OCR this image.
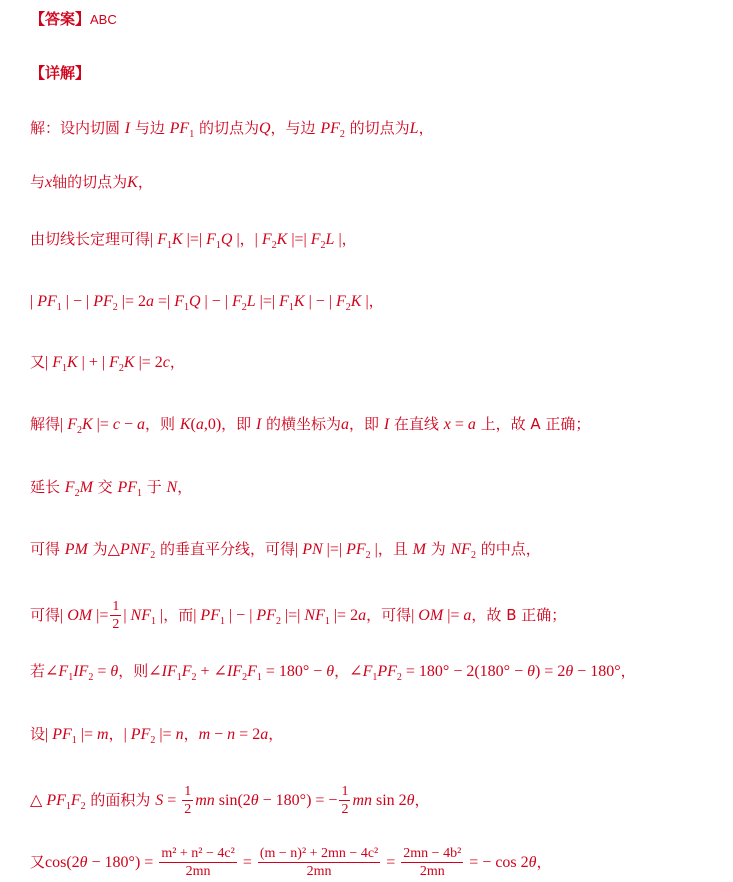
【答案】ABC
【详解】
解：设内切圆 I 与边 $PF_1$ 的切点为Q，与边 $PF_2$ 的切点为L，
与x轴的切点为K，
由切线长定理可得| $F_1K$ |=| $F_1Q$ |，| $F_2K$ |=| $F_2L$ |，
| $PF_1$ | − | $PF_2$ |= 2a =| $F_1Q$ | − | $F_2L$ |=| $F_1K$ | − | $F_2K$ |，
又| $F_1K$ | + | $F_2K$ |= 2c，
解得| $F_2K$ |= c − a，则 K(a,0)，即 I 的横坐标为a，即 I 在直线 x = a 上，故 A 正确；
延长 $F_2M$ 交 $PF_1$ 于 N，
可得 PM 为$\triangle PNF_2$ 的垂直平分线，可得| PN |=| $PF_2$ |，且 M 为 $NF_2$ 的中点，
可得| OM |= $\frac{1}{2}$ | $NF_1$ |，而| $PF_1$ | − | $PF_2$ |=| $NF_1$ |= 2a，可得| OM |= a，故 B 正确；
若$\angle F_1IF_2 = \theta$，则$\angle IF_1F_2$ + $\angle IF_2F_1 = 180^\circ - \theta$，$\angle F_1PF_2 = 180^\circ - 2(180^\circ - \theta) = 2\theta - 180^\circ$，
设| $PF_1$ |= m，| $PF_2$ |= n，m − n = 2a，
△ $PF_1F_2$ 的面积为 $S = \frac{1}{2}$ mn sin(2θ − 180°) = − $\frac{1}{2}$ mn sin 2θ，
又$\cos(2\theta - 180^\circ) = \frac{\text{m² + n² − 4c²}}{2mn} = \frac{\text{(m − n)² + 2mn − 4c²}}{2mn} = \frac{\text{2mn − 4b²}}{2mn}$ = − cos 2θ，
